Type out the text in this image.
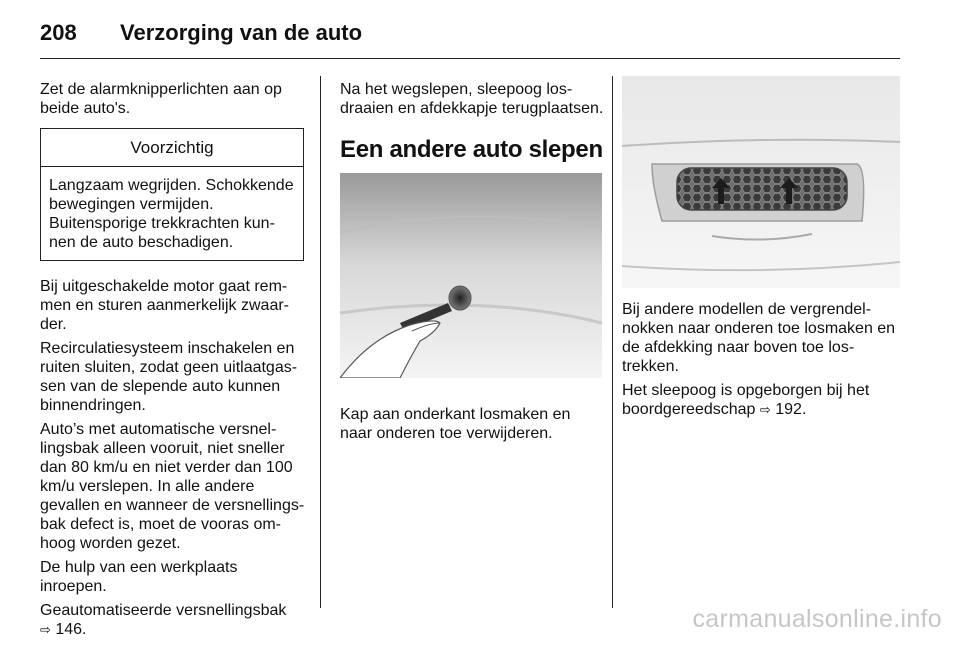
208 Verzorging van de auto

Zet de alarmknipperlichten aan op beide auto's.

Voorzichtig
Langzaam wegrijden. Schokkende bewegingen vermijden. Buitensporige trekkrachten kunnen de auto beschadigen.

Bij uitgeschakelde motor gaat remmen en sturen aanmerkelijk zwaarder.

Recirculatiesysteem inschakelen en ruiten sluiten, zodat geen uitlaatgassen van de slepende auto kunnen binnendringen.

Auto’s met automatische versnellingsbak alleen vooruit, niet sneller dan 80 km/u en niet verder dan 100 km/u verslepen. In alle andere gevallen en wanneer de versnellingsbak defect is, moet de vooras omhoog worden gezet.

De hulp van een werkplaats inroepen.

Geautomatiseerde versnellingsbak
⇨ 146.

Na het wegslepen, sleepoog losdraaien en afdekkapje terugplaatsen.

Een andere auto slepen

Kap aan onderkant losmaken en naar onderen toe verwijderen.

Bij andere modellen de vergrendelnokken naar onderen toe losmaken en de afdekking naar boven toe lostrekken.

Het sleepoog is opgeborgen bij het boordgereedschap ⇨ 192.

carmanualsonline.info
